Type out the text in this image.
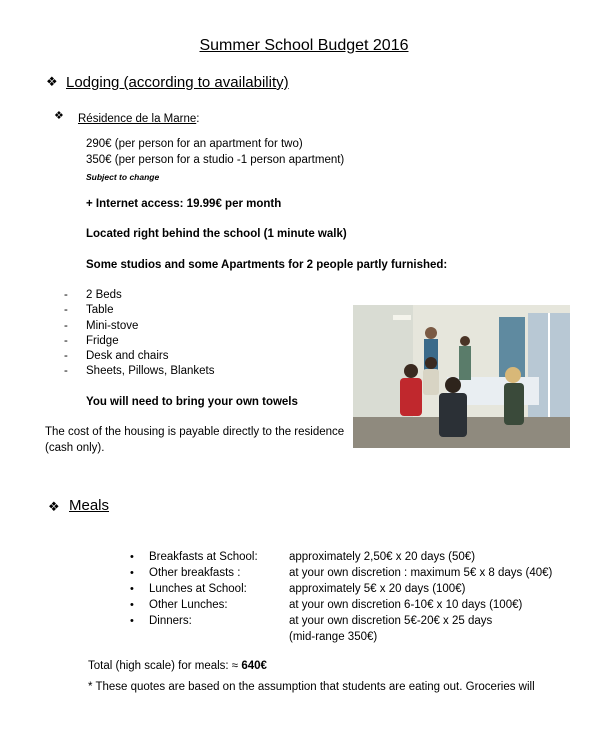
Summer School Budget 2016
❖ Lodging (according to availability)
❖ Résidence de la Marne:
290€ (per person for an apartment for two)
350€ (per person for a studio -1 person apartment)
Subject to change
+ Internet access: 19.99€ per month
Located right behind the school (1 minute walk)
Some studios and some Apartments for 2 people partly furnished:
- 2 Beds
- Table
- Mini-stove
- Fridge
- Desk and chairs
- Sheets, Pillows, Blankets
You will need to bring your own towels
The cost of the housing is payable directly to the residence
(cash only).
❖ Meals
• Breakfasts at School:	approximately 2,50€ x 20 days (50€)
• Other breakfasts :	at your own discretion : maximum 5€ x 8 days (40€)
• Lunches at School:	approximately 5€ x 20 days (100€)
• Other Lunches:	at your own discretion 6-10€ x 10 days (100€)
• Dinners:	at your own discretion 5€-20€ x 25 days
(mid-range 350€)
Total (high scale) for meals: ≈ 640€
* These quotes are based on the assumption that students are eating out. Groceries will
